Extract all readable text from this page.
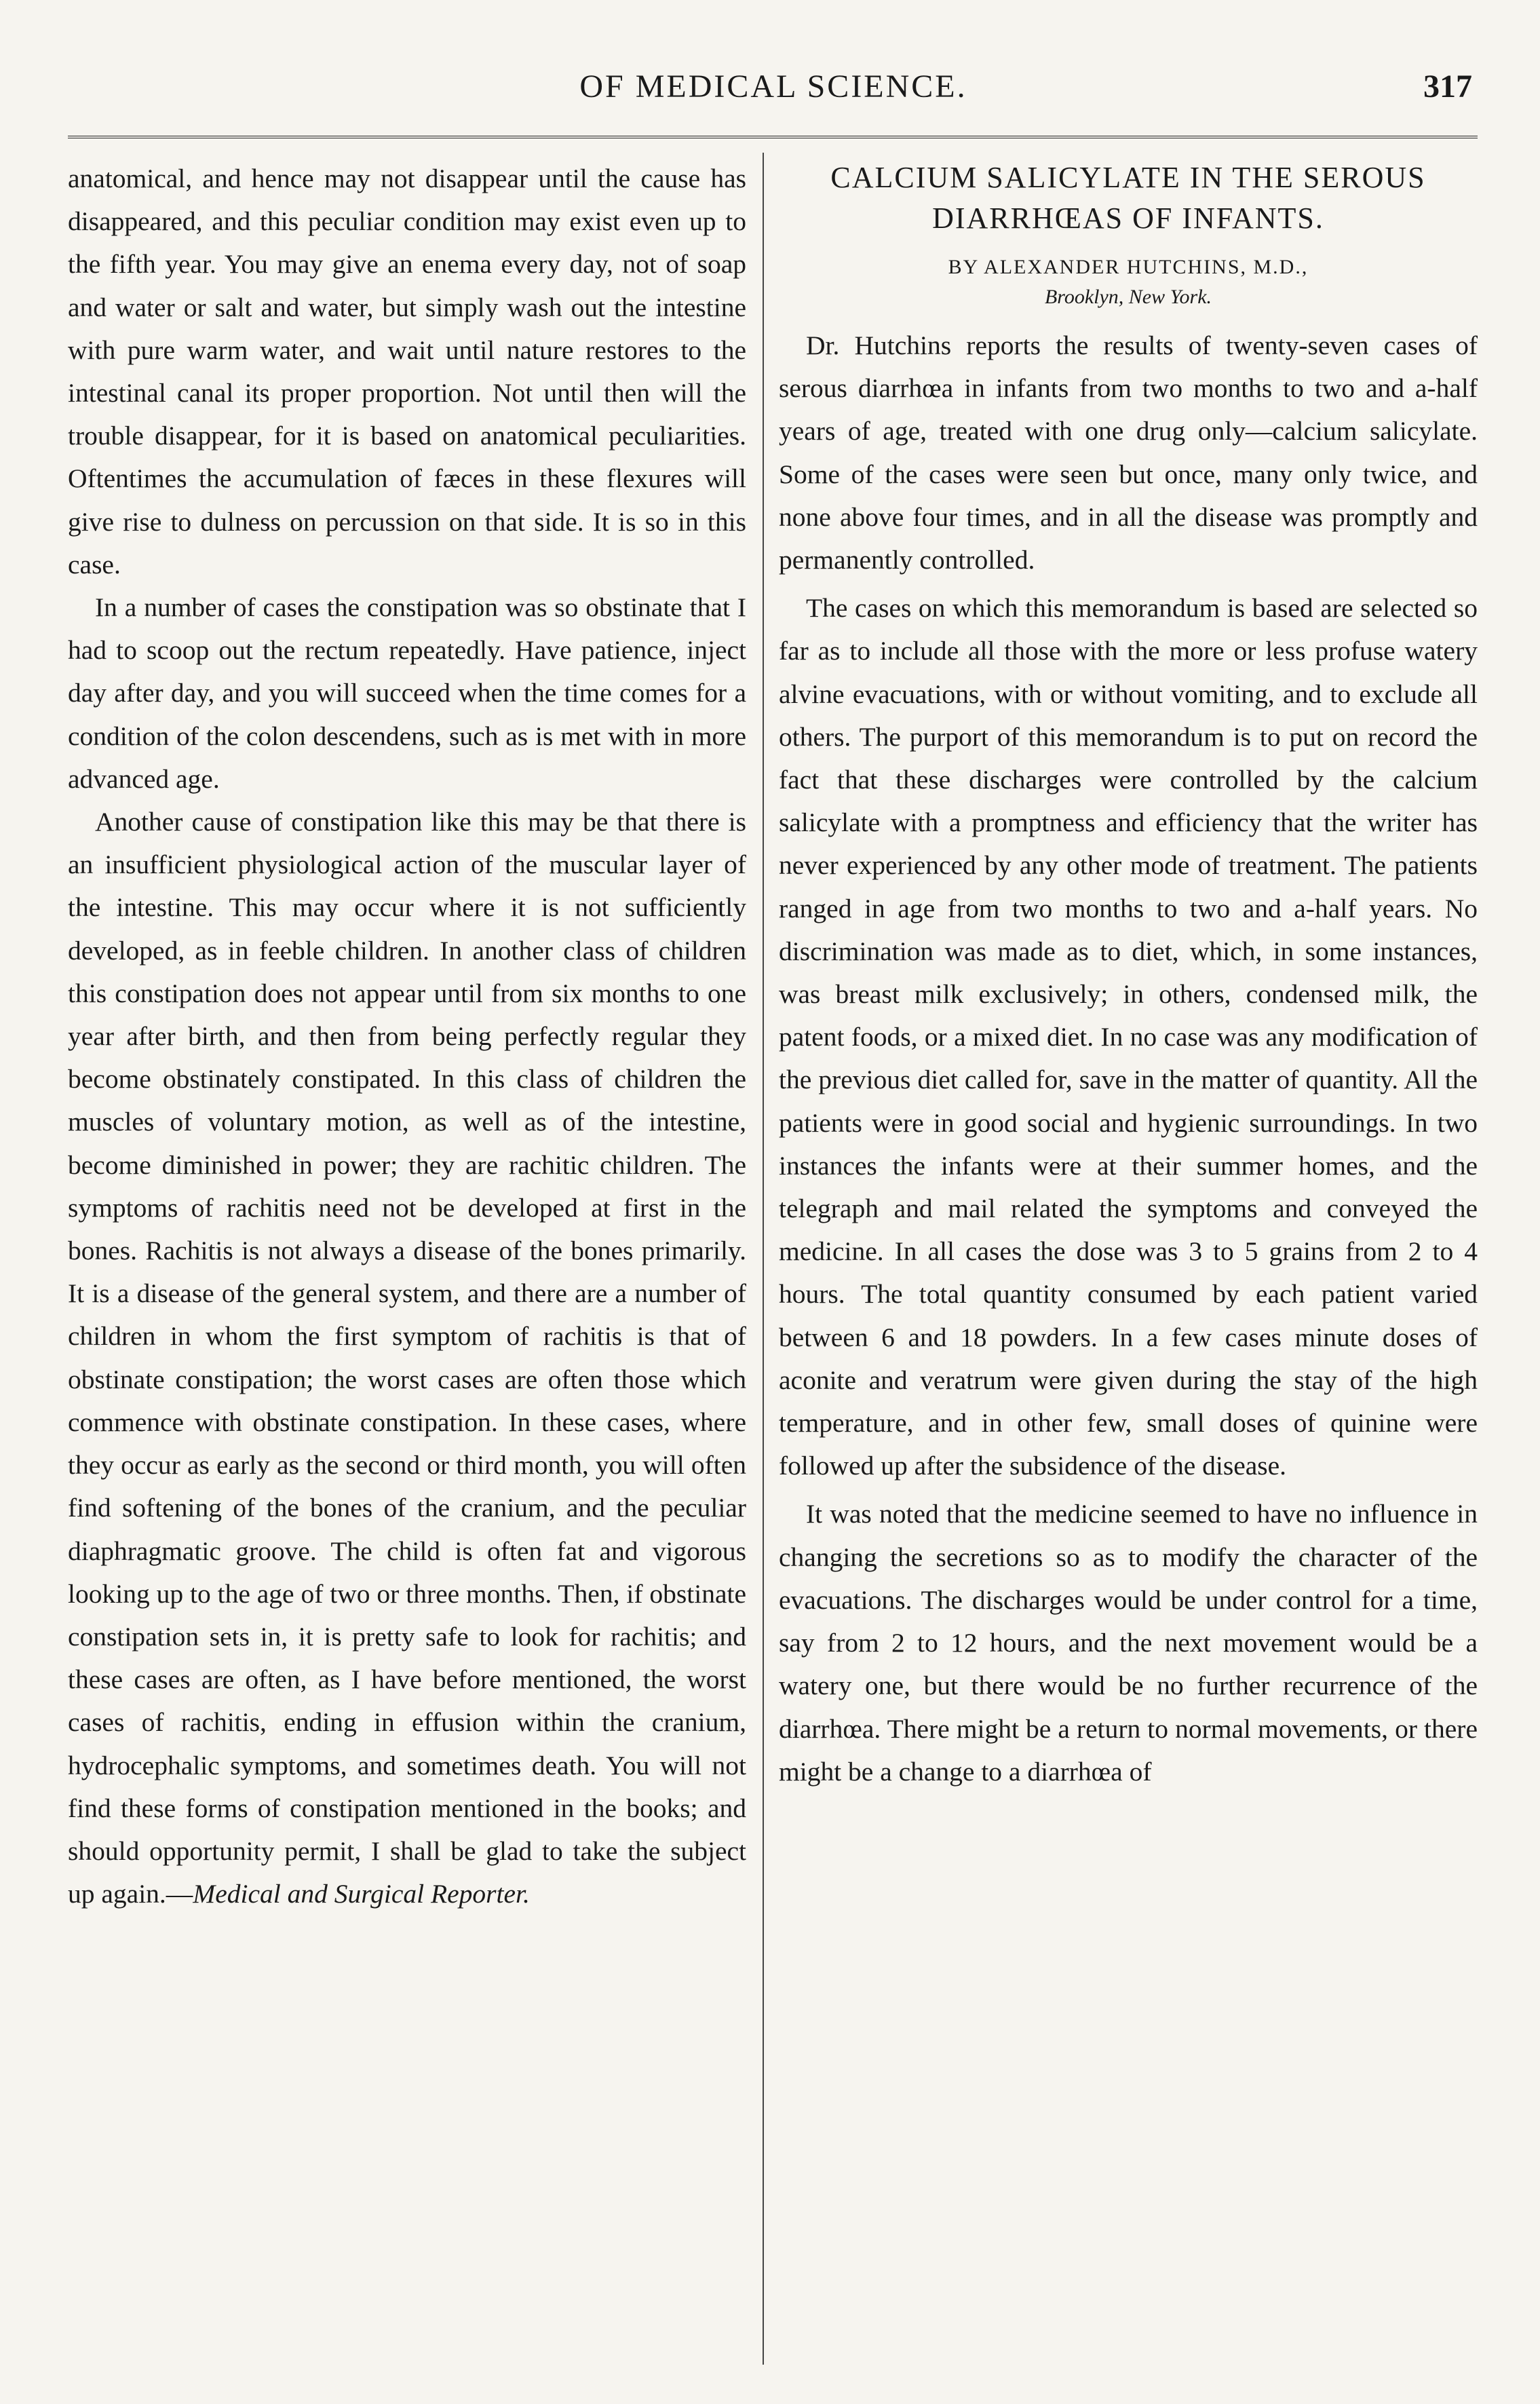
OF MEDICAL SCIENCE.	317

anatomical, and hence may not disappear until the cause has disappeared, and this peculiar condition may exist even up to the fifth year. You may give an enema every day, not of soap and water or salt and water, but simply wash out the intestine with pure warm water, and wait until nature restores to the intestinal canal its proper proportion. Not until then will the trouble disappear, for it is based on anatomical peculiarities. Oftentimes the accumulation of fæces in these flexures will give rise to dulness on percussion on that side. It is so in this case.

In a number of cases the constipation was so obstinate that I had to scoop out the rectum repeatedly. Have patience, inject day after day, and you will succeed when the time comes for a condition of the colon descendens, such as is met with in more advanced age.

Another cause of constipation like this may be that there is an insufficient physiological action of the muscular layer of the intestine. This may occur where it is not sufficiently developed, as in feeble children. In another class of children this constipation does not appear until from six months to one year after birth, and then from being perfectly regular they become obstinately constipated. In this class of children the muscles of voluntary motion, as well as of the intestine, become diminished in power; they are rachitic children. The symptoms of rachitis need not be developed at first in the bones. Rachitis is not always a disease of the bones primarily. It is a disease of the general system, and there are a number of children in whom the first symptom of rachitis is that of obstinate constipation; the worst cases are often those which commence with obstinate constipation. In these cases, where they occur as early as the second or third month, you will often find softening of the bones of the cranium, and the peculiar diaphragmatic groove. The child is often fat and vigorous looking up to the age of two or three months. Then, if obstinate constipation sets in, it is pretty safe to look for rachitis; and these cases are often, as I have before mentioned, the worst cases of rachitis, ending in effusion within the cranium, hydrocephalic symptoms, and sometimes death. You will not find these forms of constipation mentioned in the books; and should opportunity permit, I shall be glad to take the subject up again.—Medical and Surgical Reporter.

CALCIUM SALICYLATE IN THE SEROUS DIARRHŒAS OF INFANTS.
BY ALEXANDER HUTCHINS, M.D.,
Brooklyn, New York.

Dr. Hutchins reports the results of twenty-seven cases of serous diarrhœa in infants from two months to two and a-half years of age, treated with one drug only—calcium salicylate. Some of the cases were seen but once, many only twice, and none above four times, and in all the disease was promptly and permanently controlled.

The cases on which this memorandum is based are selected so far as to include all those with the more or less profuse watery alvine evacuations, with or without vomiting, and to exclude all others. The purport of this memorandum is to put on record the fact that these discharges were controlled by the calcium salicylate with a promptness and efficiency that the writer has never experienced by any other mode of treatment. The patients ranged in age from two months to two and a-half years. No discrimination was made as to diet, which, in some instances, was breast milk exclusively; in others, condensed milk, the patent foods, or a mixed diet. In no case was any modification of the previous diet called for, save in the matter of quantity. All the patients were in good social and hygienic surroundings. In two instances the infants were at their summer homes, and the telegraph and mail related the symptoms and conveyed the medicine. In all cases the dose was 3 to 5 grains from 2 to 4 hours. The total quantity consumed by each patient varied between 6 and 18 powders. In a few cases minute doses of aconite and veratrum were given during the stay of the high temperature, and in other few, small doses of quinine were followed up after the subsidence of the disease.

It was noted that the medicine seemed to have no influence in changing the secretions so as to modify the character of the evacuations. The discharges would be under control for a time, say from 2 to 12 hours, and the next movement would be a watery one, but there would be no further recurrence of the diarrhœa. There might be a return to normal movements, or there might be a change to a diarrhœa of
